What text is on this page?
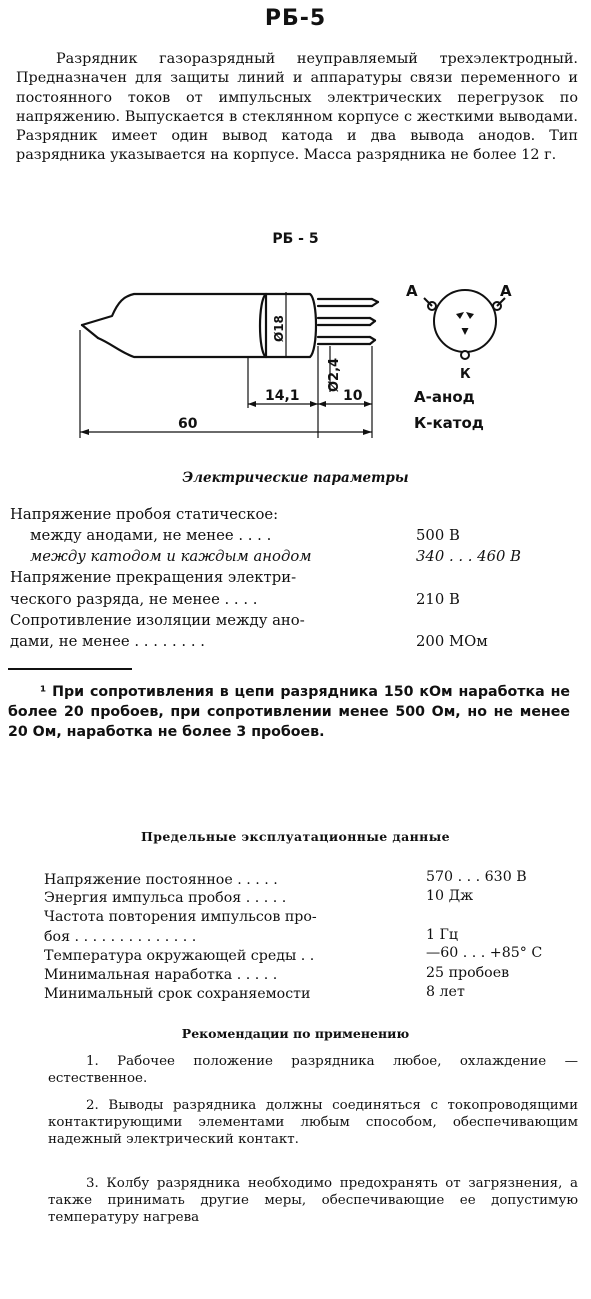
РБ-5

Разрядник газоразрядный неуправляемый трехэлектродный. Предназначен для защиты линий и аппаратуры связи переменного и постоянного токов от импульсных электрических перегрузок по напряжению. Выпускается в стеклянном корпусе с жесткими выводами. Разрядник имеет один вывод катода и два вывода анодов. Тип разрядника указывается на корпусе. Масса разрядника не более 12 г.

РБ - 5
Ø18
Ø2,4
14,1	10
60
А	А
К
А-анод
К-катод
Электрические параметры
Напряжение пробоя статическое:
между анодами, не менее . . . .	500 В
между катодом и каждым анодом	340 . . . 460 В
Напряжение прекращения электри-
ческого разряда, не менее . . . .	210 В
Сопротивление изоляции между ано-
дами, не менее . . . . . . . .	200 МОм

¹ При сопротивления в цепи разрядника 150 кОм наработка не более 20 пробоев, при сопротивлении менее 500 Ом, но не менее 20 Ом, наработка не более 3 пробоев.

Предельные эксплуатационные данные
Напряжение постоянное . . . . .	570 . . . 630 В
Энергия импульса пробоя . . . . .	10 Дж
Частота повторения импульсов про-
боя . . . . . . . . . . . . . .	1 Гц
Температура окружающей среды . .	—60 . . . +85° С
Минимальная наработка . . . . .	25 пробоев
Минимальный срок сохраняемости	8 лет
Рекомендации по применению

1. Рабочее положение разрядника любое, охлаждение — естественное.

2. Выводы разрядника должны соединяться с токопроводящими контактирующими элементами любым способом, обеспечивающим надежный электрический контакт.

3. Колбу разрядника необходимо предохранять от загрязнения, а также принимать другие меры, обеспечивающие ее допустимую температуру нагрева
